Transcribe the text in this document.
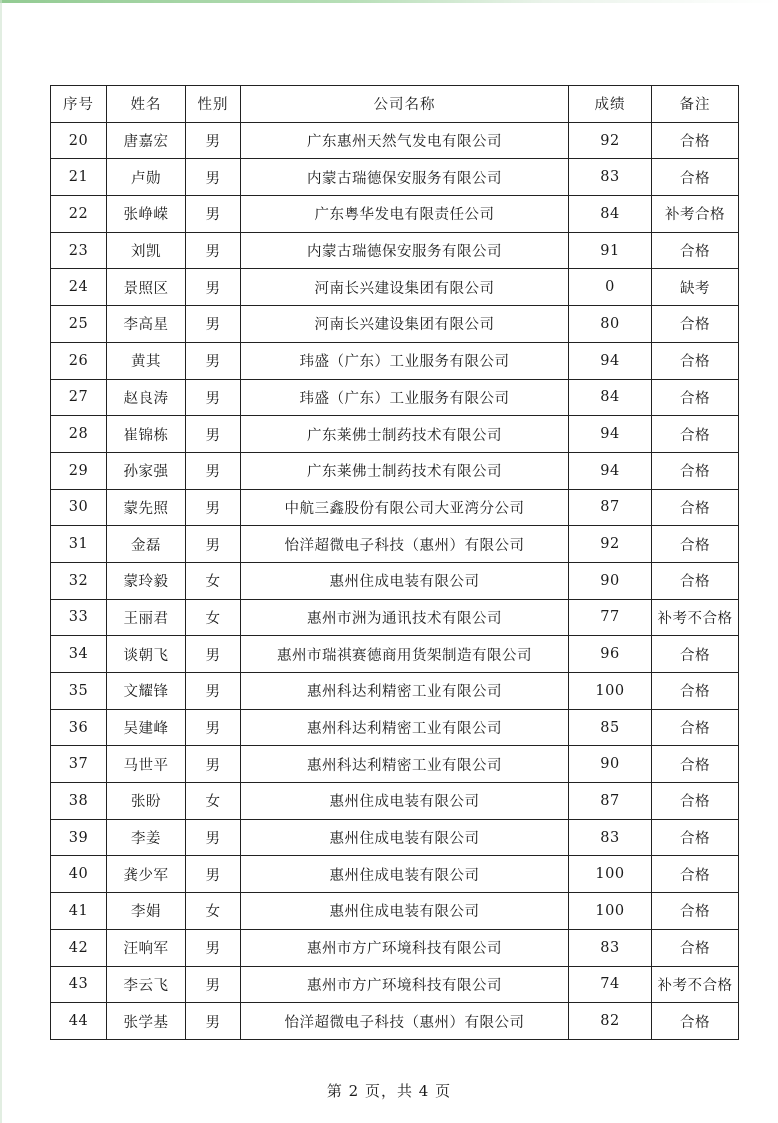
序号	姓名	性别	公司名称	成绩	备注
20	唐嘉宏	男	广东惠州天然气发电有限公司	92	合格
21	卢勋	男	内蒙古瑞德保安服务有限公司	83	合格
22	张峥嵘	男	广东粤华发电有限责任公司	84	补考合格
23	刘凯	男	内蒙古瑞德保安服务有限公司	91	合格
24	景照区	男	河南长兴建设集团有限公司	0	缺考
25	李高星	男	河南长兴建设集团有限公司	80	合格
26	黄其	男	玮盛（广东）工业服务有限公司	94	合格
27	赵良涛	男	玮盛（广东）工业服务有限公司	84	合格
28	崔锦栋	男	广东莱佛士制药技术有限公司	94	合格
29	孙家强	男	广东莱佛士制药技术有限公司	94	合格
30	蒙先照	男	中航三鑫股份有限公司大亚湾分公司	87	合格
31	金磊	男	怡洋超微电子科技（惠州）有限公司	92	合格
32	蒙玲毅	女	惠州住成电装有限公司	90	合格
33	王丽君	女	惠州市洲为通讯技术有限公司	77	补考不合格
34	谈朝飞	男	惠州市瑞祺赛德商用货架制造有限公司	96	合格
35	文耀锋	男	惠州科达利精密工业有限公司	100	合格
36	吴建峰	男	惠州科达利精密工业有限公司	85	合格
37	马世平	男	惠州科达利精密工业有限公司	90	合格
38	张盼	女	惠州住成电装有限公司	87	合格
39	李姜	男	惠州住成电装有限公司	83	合格
40	龚少军	男	惠州住成电装有限公司	100	合格
41	李娟	女	惠州住成电装有限公司	100	合格
42	汪响军	男	惠州市方广环境科技有限公司	83	合格
43	李云飞	男	惠州市方广环境科技有限公司	74	补考不合格
44	张学基	男	怡洋超微电子科技（惠州）有限公司	82	合格
第 2 页，共 4 页
